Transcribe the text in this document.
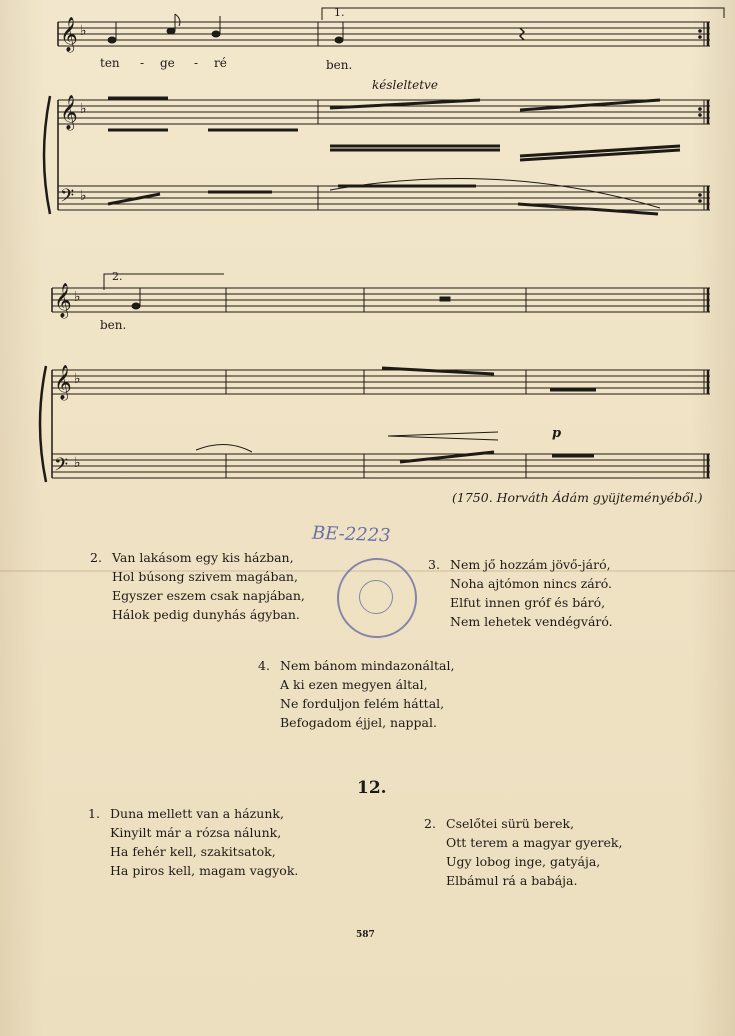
𝄞
𝄞
𝄢
♭
♭
♭
𝄞
𝄞
𝄢
♭
♭
♭
ten - ge - ré	ben.
1.
késleltetve
ben.
2.
p
(1750. Horváth Ádám gyüjteményéből.)
BE-2223
2. Van lakásom egy kis házban,
Hol búsong szivem magában,
Egyszer eszem csak napjában,
Hálok pedig dunyhás ágyban.
3. Nem jő hozzám jövő-járó,
Noha ajtómon nincs záró.
Elfut innen gróf és báró,
Nem lehetek vendégváró.
4. Nem bánom mindazonáltal,
A ki ezen megyen által,
Ne forduljon felém háttal,
Befogadom éjjel, nappal.
12.
1. Duna mellett van a házunk,
Kinyilt már a rózsa nálunk,
Ha fehér kell, szakitsatok,
Ha piros kell, magam vagyok.
2. Cselőtei sürü berek,
Ott terem a magyar gyerek,
Ugy lobog inge, gatyája,
Elbámul rá a babája.
587
